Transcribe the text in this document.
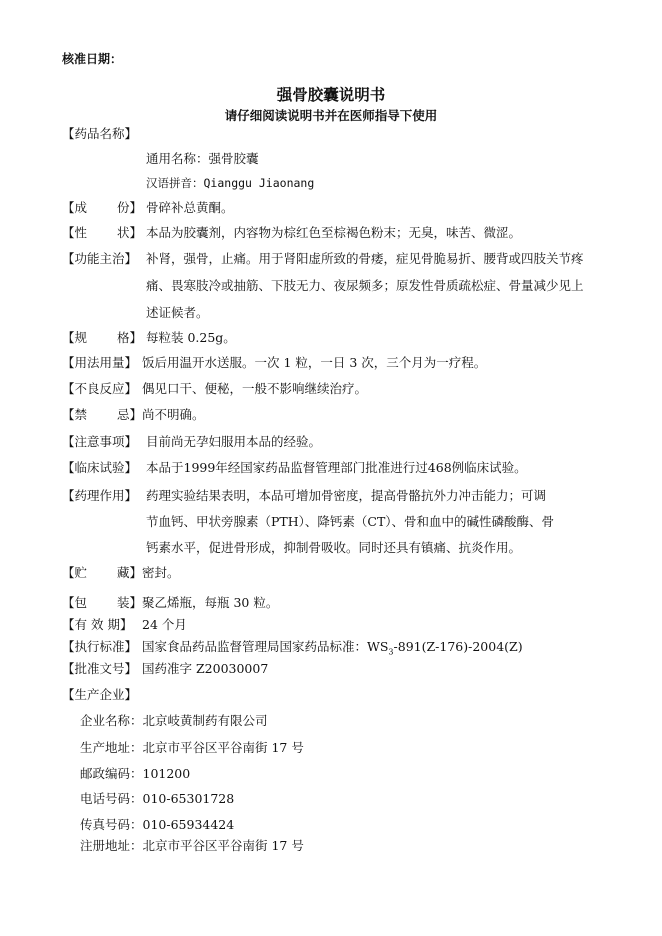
核准日期：
强骨胶囊说明书
请仔细阅读说明书并在医师指导下使用
【药品名称】
通用名称：强骨胶囊
汉语拼音：Qianggu Jiaonang
【成 份】 骨碎补总黄酮。
【性 状】 本品为胶囊剂，内容物为棕红色至棕褐色粉末；无臭，味苦、微涩。
【功能主治】 补肾，强骨，止痛。用于肾阳虚所致的骨痿，症见骨脆易折、腰背或四肢关节疼
痛、畏寒肢冷或抽筋、下肢无力、夜尿频多；原发性骨质疏松症、骨量减少见上
述证候者。
【规 格】 每粒装 0.25g。
【用法用量】 饭后用温开水送服。一次 1 粒，一日 3 次，三个月为一疗程。
【不良反应】 偶见口干、便秘，一般不影响继续治疗。
【禁 忌】 尚不明确。
【注意事项】 目前尚无孕妇服用本品的经验。
【临床试验】 本品于1999年经国家药品监督管理部门批准进行过468例临床试验。
【药理作用】 药理实验结果表明，本品可增加骨密度，提高骨骼抗外力冲击能力；可调
节血钙、甲状旁腺素（PTH）、降钙素（CT）、骨和血中的碱性磷酸酶、骨
钙素水平，促进骨形成，抑制骨吸收。同时还具有镇痛、抗炎作用。
【贮 藏】 密封。
【包 装】 聚乙烯瓶，每瓶 30 粒。
【有 效 期】 24 个月
【执行标准】 国家食品药品监督管理局国家药品标准：$WS_3-891(Z-176)-2004(Z)$
【批准文号】 国药准字 Z20030007
【生产企业】
企业名称：北京岐黄制药有限公司
生产地址：北京市平谷区平谷南街 17 号
邮政编码：101200
电话号码：010-65301728
传真号码：010-65934424
注册地址：北京市平谷区平谷南街 17 号
